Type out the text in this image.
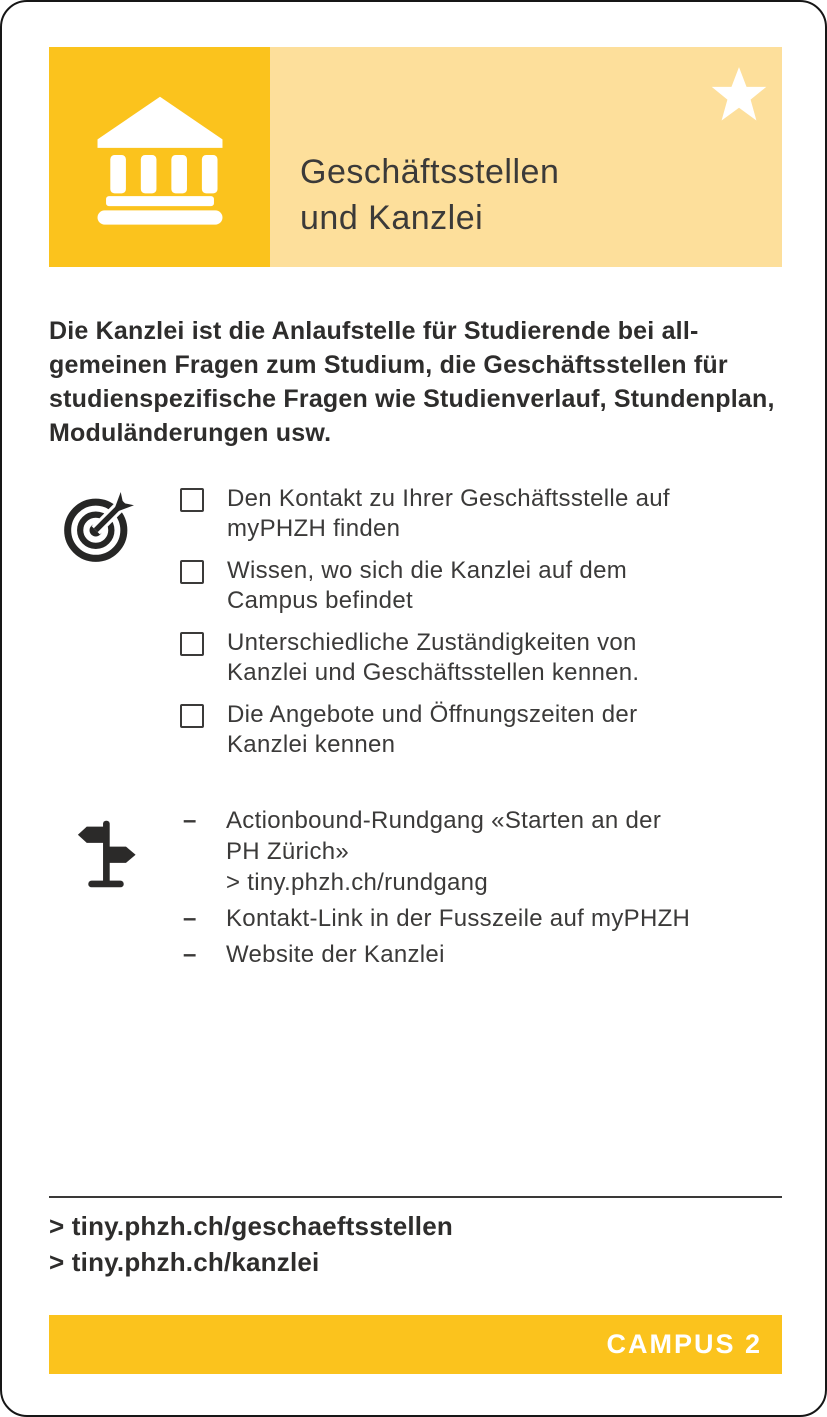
Geschäftsstellen
und Kanzlei
Die Kanzlei ist die Anlaufstelle für Studierende bei all-
gemeinen Fragen zum Studium, die Geschäftsstellen für
studienspezifische Fragen wie Studienverlauf, Stundenplan,
Moduländerungen usw.
Den Kontakt zu Ihrer Geschäftsstelle auf
myPHZH finden
Wissen, wo sich die Kanzlei auf dem
Campus befindet
Unterschiedliche Zuständigkeiten von
Kanzlei und Geschäftsstellen kennen.
Die Angebote und Öffnungszeiten der
Kanzlei kennen
–	Actionbound-Rundgang «Starten an der
PH Zürich»
> tiny.phzh.ch/rundgang
–	Kontakt-Link in der Fusszeile auf myPHZH
–	Website der Kanzlei
> tiny.phzh.ch/geschaeftsstellen
> tiny.phzh.ch/kanzlei
CAMPUS 2
